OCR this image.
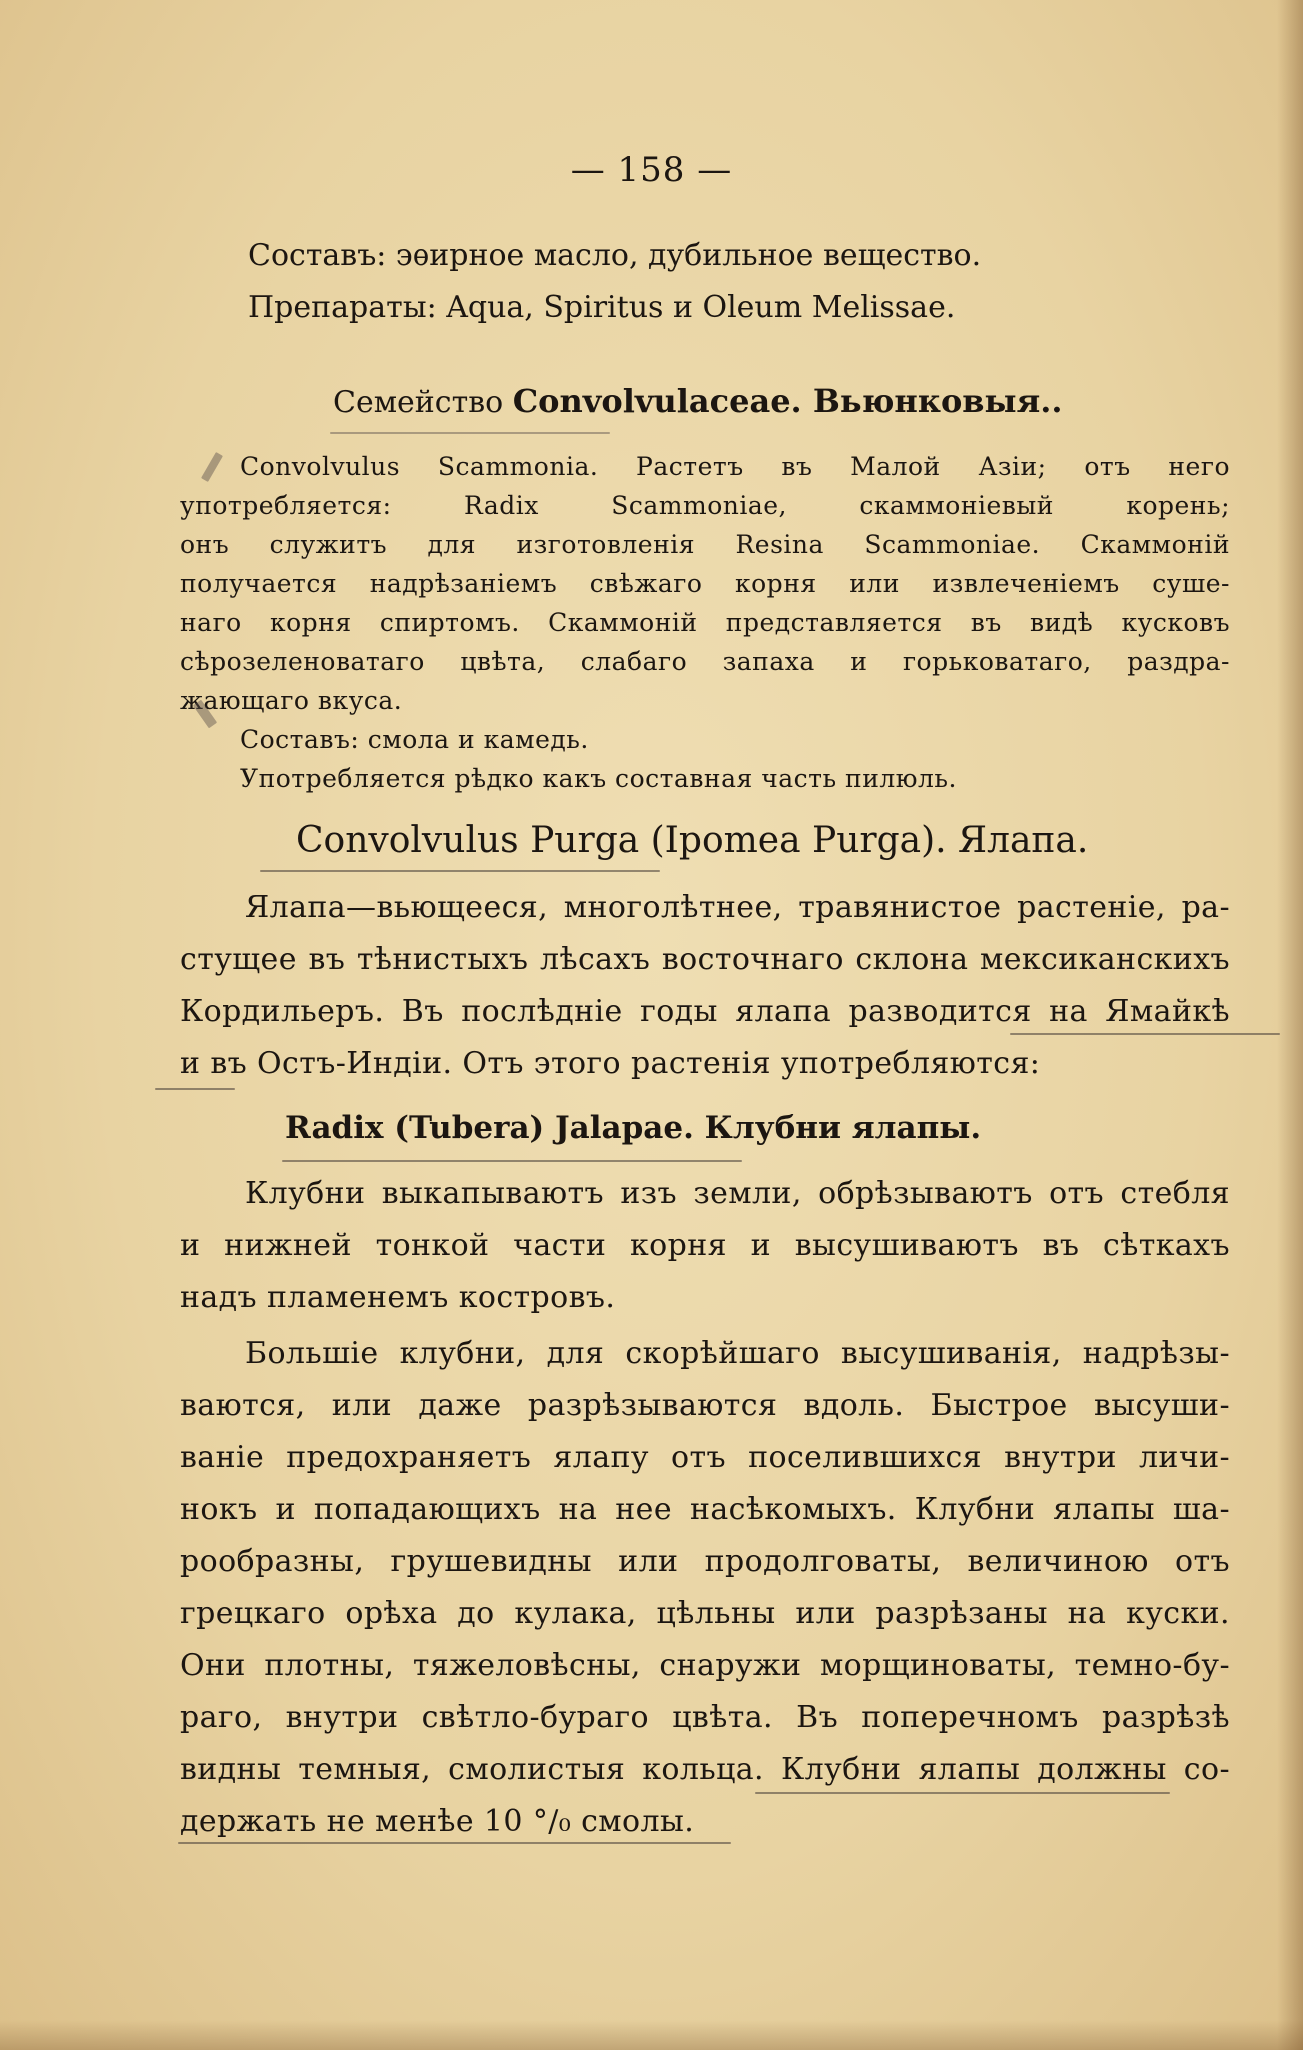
— 158 —
Составъ: эѳирное масло, дубильное вещество.
Препараты: Aqua, Spiritus и Oleum Melissae.
Семейство Convolvulaceae. Вьюнковыя..
Convolvulus Scammonia. Растетъ въ Малой Азіи; отъ него
употребляется: Radix Scammoniae, скаммоніевый корень;
онъ служитъ для изготовленія Resina Scammoniae. Скаммоній
получается надрѣзаніемъ свѣжаго корня или извлеченіемъ суше-
наго корня спиртомъ. Скаммоній представляется въ видѣ кусковъ
сѣрозеленоватаго цвѣта, слабаго запаха и горьковатаго, раздра-
жающаго вкуса.
Составъ: смола и камедь.
Употребляется рѣдко какъ составная часть пилюль.
Convolvulus Purga (Ipomea Purga). Ялапа.
Ялапа—вьющееся, многолѣтнее, травянистое растеніе, ра-
стущее въ тѣнистыхъ лѣсахъ восточнаго склона мексиканскихъ
Кордильеръ. Въ послѣдніе годы ялапа разводится на Ямайкѣ
и въ Остъ-Индіи. Отъ этого растенія употребляются:
Radix (Tubera) Jalapae. Клубни ялапы.
Клубни выкапываютъ изъ земли, обрѣзываютъ отъ стебля
и нижней тонкой части корня и высушиваютъ въ сѣткахъ
надъ пламенемъ костровъ.
Большіе клубни, для скорѣйшаго высушиванія, надрѣзы-
ваются, или даже разрѣзываются вдоль. Быстрое высуши-
ваніе предохраняетъ ялапу отъ поселившихся внутри личи-
нокъ и попадающихъ на нее насѣкомыхъ. Клубни ялапы ша-
рообразны, грушевидны или продолговаты, величиною отъ
грецкаго орѣха до кулака, цѣльны или разрѣзаны на куски.
Они плотны, тяжеловѣсны, снаружи морщиноваты, темно-бу-
раго, внутри свѣтло-бураго цвѣта. Въ поперечномъ разрѣзѣ
видны темныя, смолистыя кольца. Клубни ялапы должны со-
держать не менѣе 10 °/₀ смолы.
